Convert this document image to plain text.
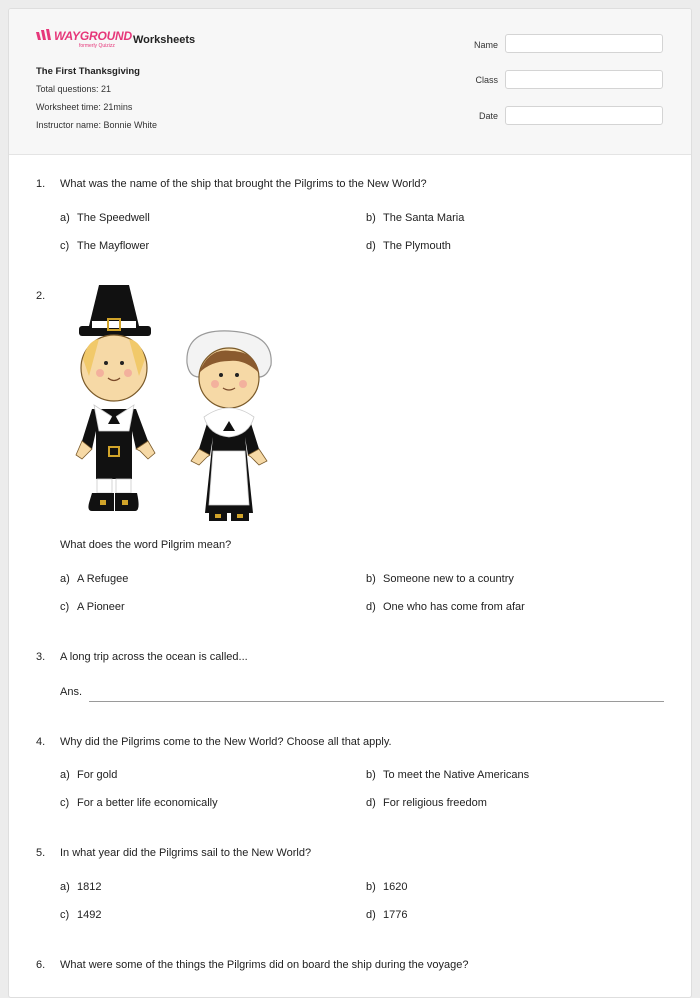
WAYGROUND
formerly Quizizz	Worksheets
The First Thanksgiving
Total questions: 21
Worksheet time: 21mins
Instructor name: Bonnie White
Name
Class
Date
1. What was the name of the ship that brought the Pilgrims to the New World?
a) The Speedwell	b) The Santa Maria
c) The Mayflower	d) The Plymouth
2.
What does the word Pilgrim mean?
a) A Refugee	b) Someone new to a country
c) A Pioneer	d) One who has come from afar
3. A long trip across the ocean is called...
Ans.
4. Why did the Pilgrims come to the New World? Choose all that apply.
a) For gold	b) To meet the Native Americans
c) For a better life economically	d) For religious freedom
5. In what year did the Pilgrims sail to the New World?
a) 1812	b) 1620
c) 1492	d) 1776
6. What were some of the things the Pilgrims did on board the ship during the voyage?
